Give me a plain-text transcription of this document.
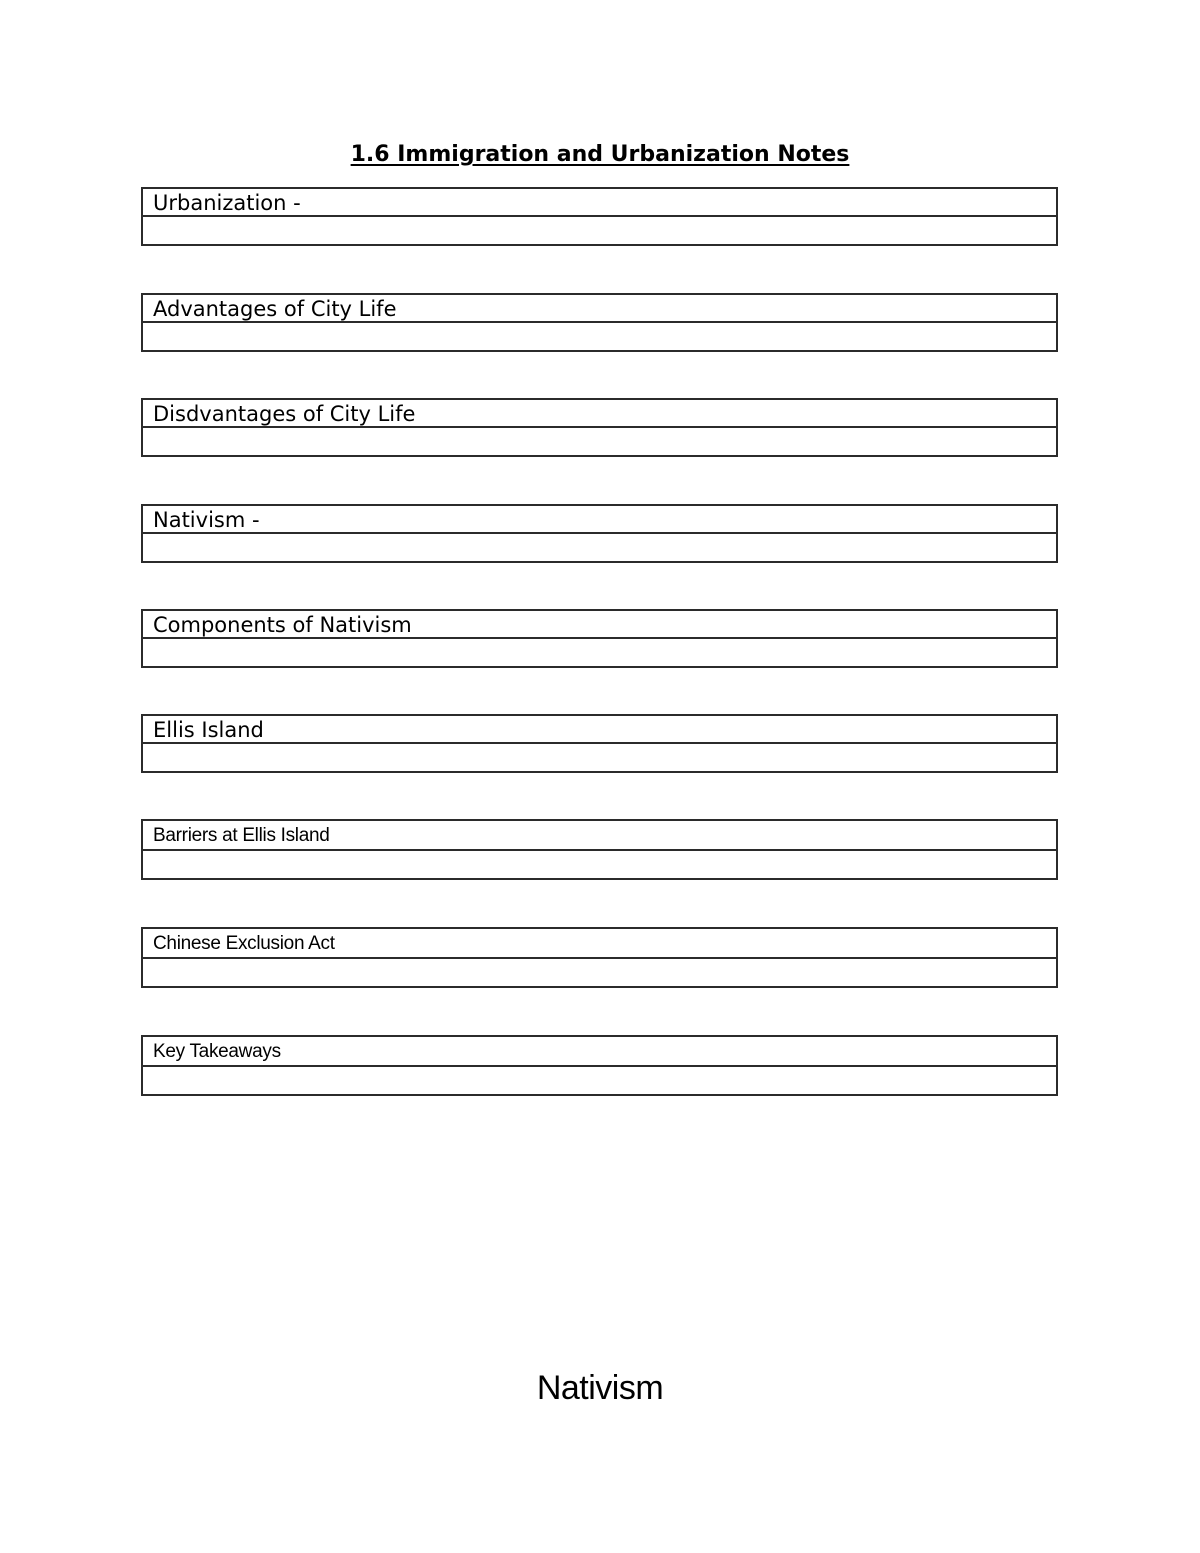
1.6 Immigration and Urbanization Notes
Urbanization -
Advantages of City Life
Disdvantages of City Life
Nativism -
Components of Nativism
Ellis Island
Barriers at Ellis Island
Chinese Exclusion Act
Key Takeaways
Nativism
